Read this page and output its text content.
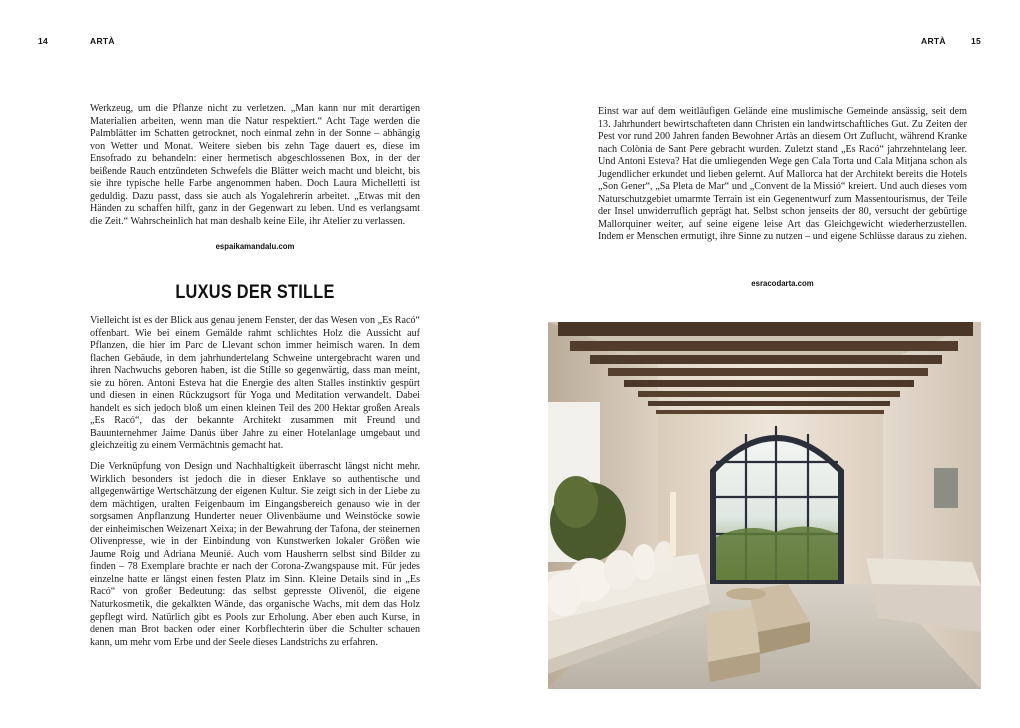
14	ARTÀ

Werkzeug, um die Pflanze nicht zu verletzen. „Man kann nur mit derartigen Materialien arbeiten, wenn man die Natur respektiert.“ Acht Tage werden die Palmblätter im Schatten getrocknet, noch einmal zehn in der Sonne – abhängig von Wetter und Monat. Weitere sieben bis zehn Tage dauert es, diese im Ensofrado zu behandeln: einer hermetisch abgeschlossenen Box, in der der beißende Rauch entzündeten Schwefels die Blätter weich macht und bleicht, bis sie ihre typische helle Farbe angenommen haben. Doch Laura Michelletti ist geduldig. Dazu passt, dass sie auch als Yogalehrerin arbeitet. „Etwas mit den Händen zu schaffen hilft, ganz in der Gegenwart zu leben. Und es verlangsamt die Zeit.“ Wahrscheinlich hat man deshalb keine Eile, ihr Atelier zu verlassen.

espaikamandalu.com
LUXUS DER STILLE

Vielleicht ist es der Blick aus genau jenem Fenster, der das Wesen von „Es Racó“ offenbart. Wie bei einem Gemälde rahmt schlichtes Holz die Aussicht auf Pflanzen, die hier im Parc de Llevant schon immer heimisch waren. In dem flachen Gebäude, in dem jahrhundertelang Schweine untergebracht waren und ihren Nachwuchs geboren haben, ist die Stille so gegenwärtig, dass man meint, sie zu hören. Antoni Esteva hat die Energie des alten Stalles instinktiv gespürt und diesen in einen Rückzugsort für Yoga und Meditation verwandelt. Dabei handelt es sich jedoch bloß um einen kleinen Teil des 200 Hektar großen Areals „Es Racó“, das der bekannte Architekt zusammen mit Freund und Bauunternehmer Jaime Danús über Jahre zu einer Hotelanlage umgebaut und gleichzeitig zu einem Vermächtnis gemacht hat.

Die Verknüpfung von Design und Nachhaltigkeit überrascht längst nicht mehr. Wirklich besonders ist jedoch die in dieser Enklave so authentische und allgegenwärtige Wertschätzung der eigenen Kultur. Sie zeigt sich in der Liebe zu dem mächtigen, uralten Feigenbaum im Eingangsbereich genauso wie in der sorgsamen Anpflanzung Hunderter neuer Olivenbäume und Weinstöcke sowie der einheimischen Weizenart Xeixa; in der Bewahrung der Tafona, der steinernen Olivenpresse, wie in der Einbindung von Kunstwerken lokaler Größen wie Jaume Roig und Adriana Meunié. Auch vom Hausherrn selbst sind Bilder zu finden – 78 Exemplare brachte er nach der Corona-Zwangspause mit. Für jedes einzelne hatte er längst einen festen Platz im Sinn. Kleine Details sind in „Es Racó“ von großer Bedeutung: das selbst gepresste Olivenöl, die eigene Naturkosmetik, die gekalkten Wände, das organische Wachs, mit dem das Holz gepflegt wird. Natürlich gibt es Pools zur Erholung. Aber eben auch Kurse, in denen man Brot backen oder einer Korbflechterin über die Schulter schauen kann, um mehr vom Erbe und der Seele dieses Landstrichs zu erfahren.

ARTÀ	15

Einst war auf dem weitläufigen Gelände eine muslimische Gemeinde ansässig, seit dem 13. Jahrhundert bewirtschafteten dann Christen ein landwirtschaftliches Gut. Zu Zeiten der Pest vor rund 200 Jahren fanden Bewohner Artàs an diesem Ort Zuflucht, während Kranke nach Colònia de Sant Pere gebracht wurden. Zuletzt stand „Es Racó“ jahrzehntelang leer. Und Antoni Esteva? Hat die umliegenden Wege gen Cala Torta und Cala Mitjana schon als Jugendlicher erkundet und lieben gelernt. Auf Mallorca hat der Architekt bereits die Hotels „Son Gener“, „Sa Pleta de Mar“ und „Convent de la Missió“ kreiert. Und auch dieses vom Naturschutzgebiet umarmte Terrain ist ein Gegenentwurf zum Massentourismus, der Teile der Insel unwiderruflich geprägt hat. Selbst schon jenseits der 80, versucht der gebürtige Mallorquiner weiter, auf seine eigene leise Art das Gleichgewicht wiederherzustellen. Indem er Menschen ermutigt, ihre Sinne zu nutzen – und eigene Schlüsse daraus zu ziehen.

esracodarta.com
